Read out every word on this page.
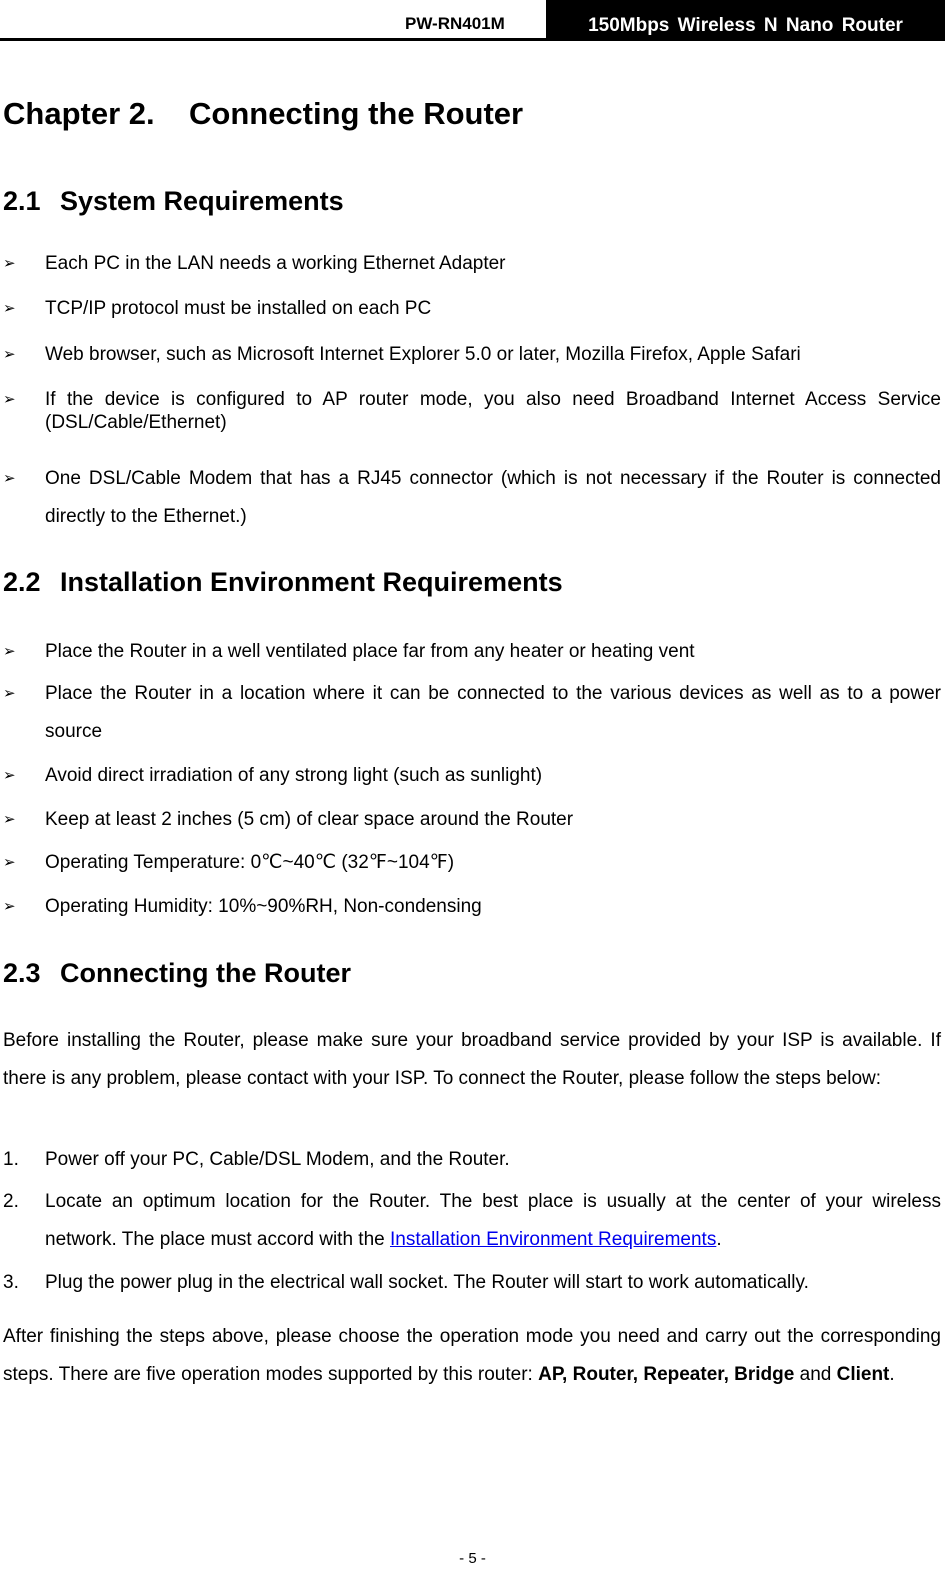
PW-RN401M	150Mbps Wireless N Nano Router
Chapter 2. Connecting the Router
2.1 System Requirements
➢ Each PC in the LAN needs a working Ethernet Adapter
➢ TCP/IP protocol must be installed on each PC
➢ Web browser, such as Microsoft Internet Explorer 5.0 or later, Mozilla Firefox, Apple Safari
➢ If the device is configured to AP router mode, you also need Broadband Internet Access Service (DSL/Cable/Ethernet)
➢ One DSL/Cable Modem that has a RJ45 connector (which is not necessary if the Router is connected directly to the Ethernet.)
2.2 Installation Environment Requirements
➢ Place the Router in a well ventilated place far from any heater or heating vent
➢ Place the Router in a location where it can be connected to the various devices as well as to a power source
➢ Avoid direct irradiation of any strong light (such as sunlight)
➢ Keep at least 2 inches (5 cm) of clear space around the Router
➢ Operating Temperature: 0℃~40℃ (32℉~104℉)
➢ Operating Humidity: 10%~90%RH, Non-condensing
2.3 Connecting the Router
Before installing the Router, please make sure your broadband service provided by your ISP is available. If there is any problem, please contact with your ISP. To connect the Router, please follow the steps below:
1. Power off your PC, Cable/DSL Modem, and the Router.
2. Locate an optimum location for the Router. The best place is usually at the center of your wireless network. The place must accord with the Installation Environment Requirements.
3. Plug the power plug in the electrical wall socket. The Router will start to work automatically.
After finishing the steps above, please choose the operation mode you need and carry out the corresponding steps. There are five operation modes supported by this router: AP, Router, Repeater, Bridge and Client.
- 5 -
